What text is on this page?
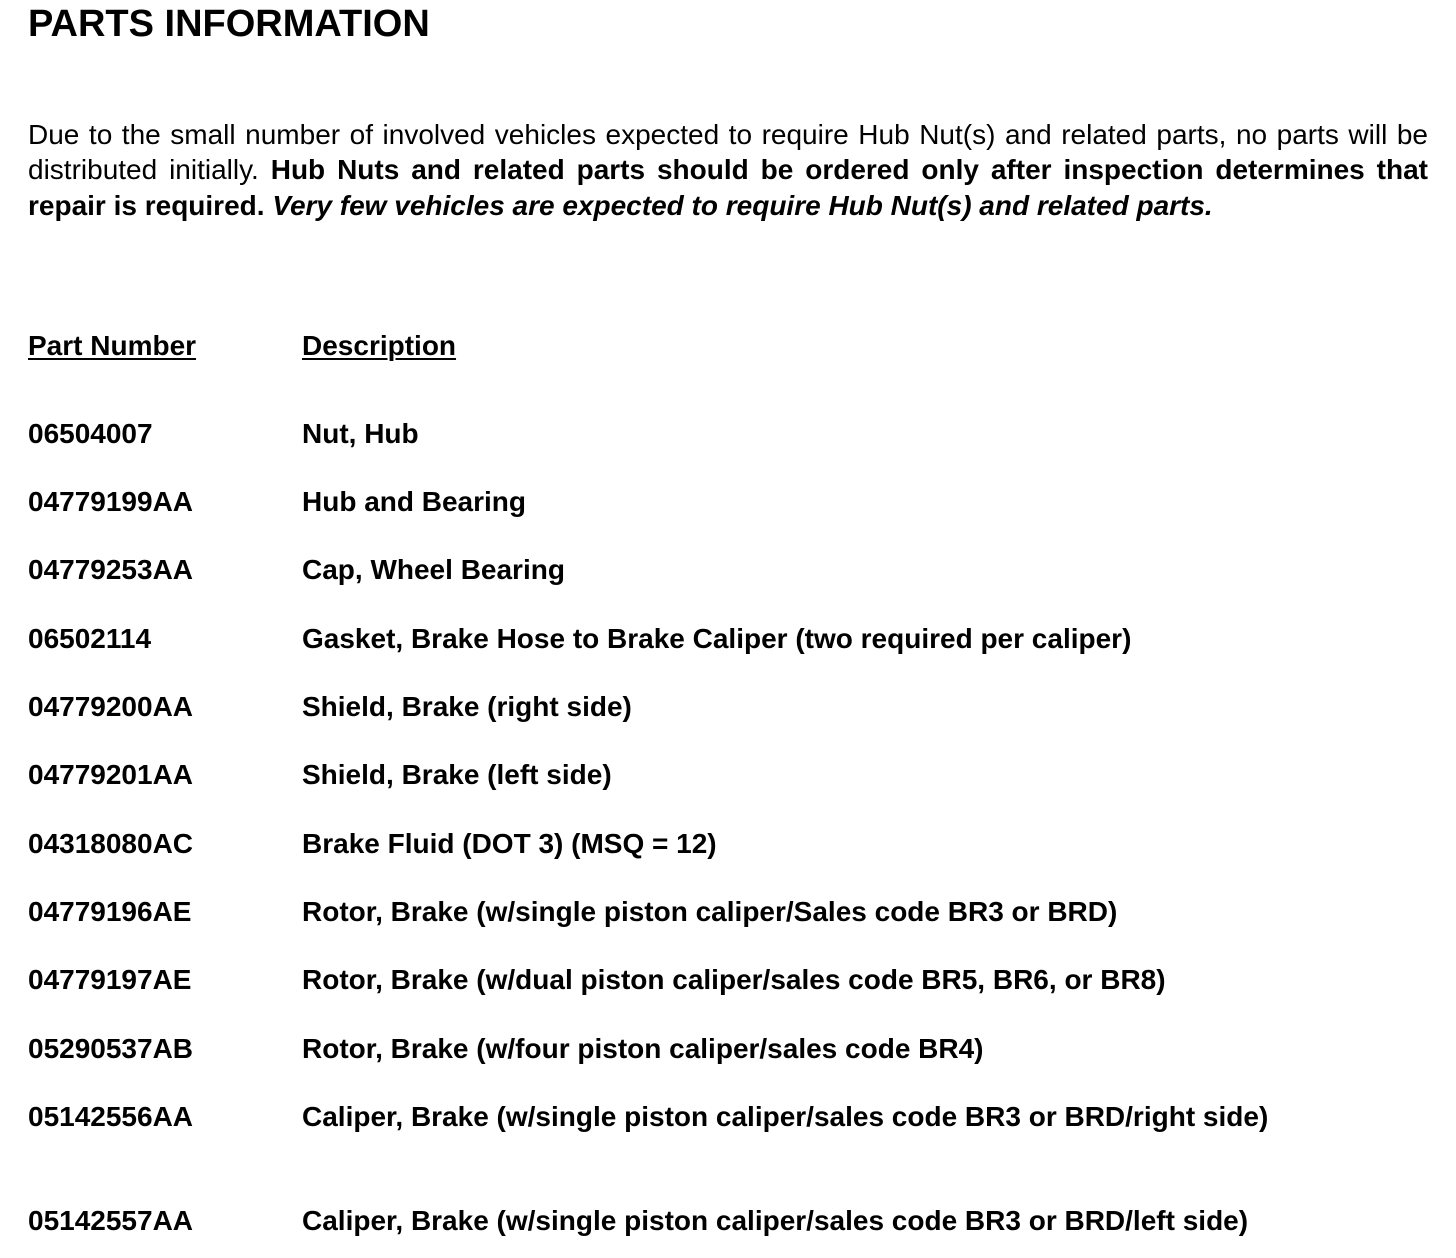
PARTS INFORMATION

Due to the small number of involved vehicles expected to require Hub Nut(s) and related parts, no parts will be distributed initially. Hub Nuts and related parts should be ordered only after inspection determines that repair is required. Very few vehicles are expected to require Hub Nut(s) and related parts.

Part Number	Description
06504007	Nut, Hub
04779199AA	Hub and Bearing
04779253AA	Cap, Wheel Bearing
06502114	Gasket, Brake Hose to Brake Caliper (two required per caliper)
04779200AA	Shield, Brake (right side)
04779201AA	Shield, Brake (left side)
04318080AC	Brake Fluid (DOT 3) (MSQ = 12)
04779196AE	Rotor, Brake (w/single piston caliper/Sales code BR3 or BRD)
04779197AE	Rotor, Brake (w/dual piston caliper/sales code BR5, BR6, or BR8)
05290537AB	Rotor, Brake (w/four piston caliper/sales code BR4)
05142556AA	Caliper, Brake (w/single piston caliper/sales code BR3 or BRD/right side)
05142557AA	Caliper, Brake (w/single piston caliper/sales code BR3 or BRD/left side)
